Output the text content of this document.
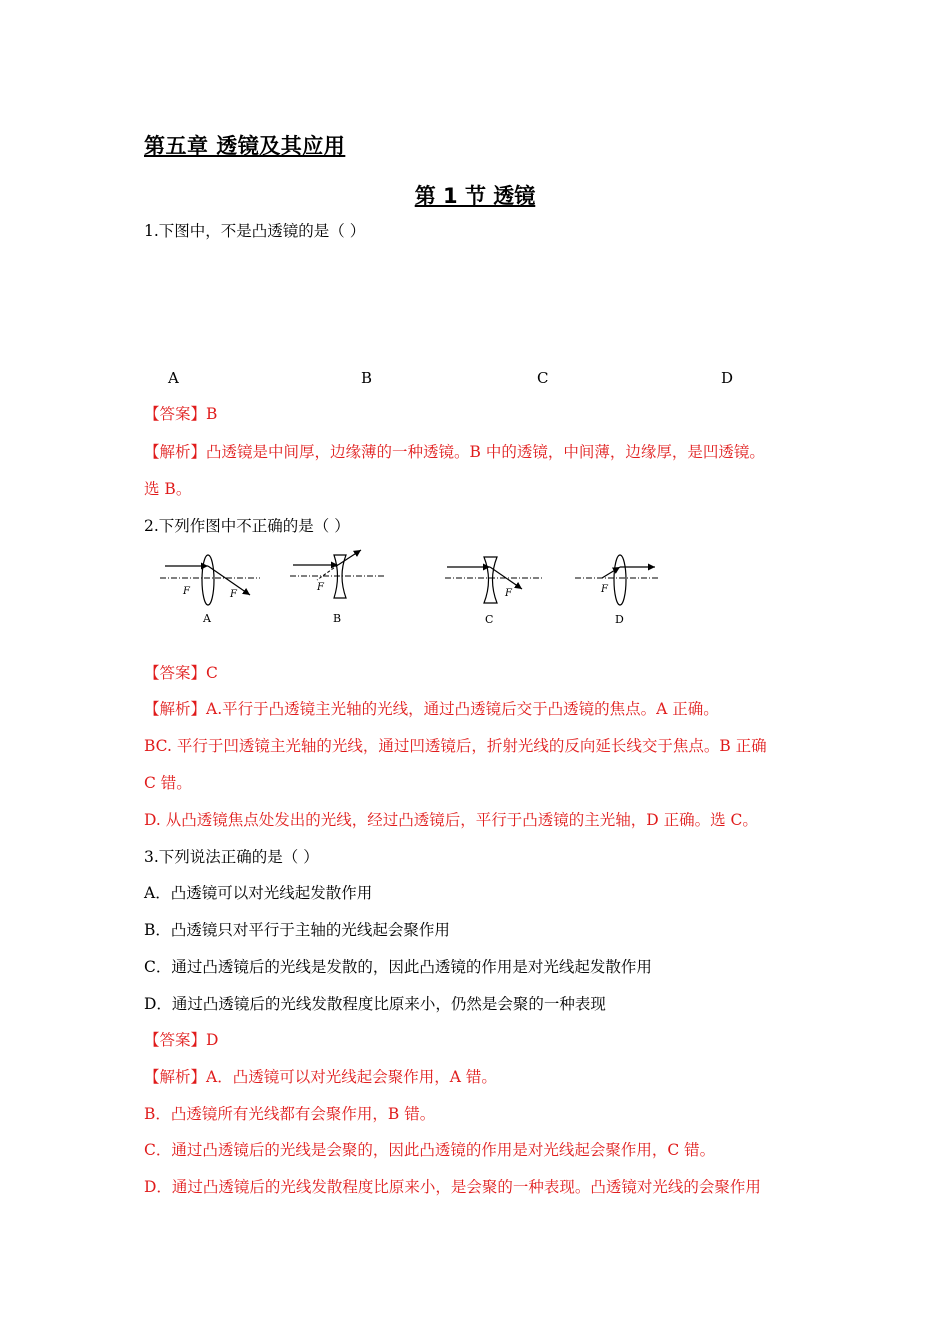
第五章 透镜及其应用
第 1 节 透镜
1.下图中，不是凸透镜的是（ ）
A	B	C	D
【答案】B
【解析】凸透镜是中间厚，边缘薄的一种透镜。B 中的透镜，中间薄，边缘厚，是凹透镜。
选 B。
2.下列作图中不正确的是（ ）
F	F
A
F
B
F
C
F
D
【答案】C
【解析】A.平行于凸透镜主光轴的光线，通过凸透镜后交于凸透镜的焦点。A 正确。
BC. 平行于凹透镜主光轴的光线，通过凹透镜后，折射光线的反向延长线交于焦点。B 正确
C 错。
D. 从凸透镜焦点处发出的光线，经过凸透镜后，平行于凸透镜的主光轴，D 正确。选 C。
3.下列说法正确的是（ ）
A．凸透镜可以对光线起发散作用
B．凸透镜只对平行于主轴的光线起会聚作用
C．通过凸透镜后的光线是发散的，因此凸透镜的作用是对光线起发散作用
D．通过凸透镜后的光线发散程度比原来小，仍然是会聚的一种表现
【答案】D
【解析】A．凸透镜可以对光线起会聚作用，A 错。
B．凸透镜所有光线都有会聚作用，B 错。
C．通过凸透镜后的光线是会聚的，因此凸透镜的作用是对光线起会聚作用，C 错。
D．通过凸透镜后的光线发散程度比原来小，是会聚的一种表现。凸透镜对光线的会聚作用
